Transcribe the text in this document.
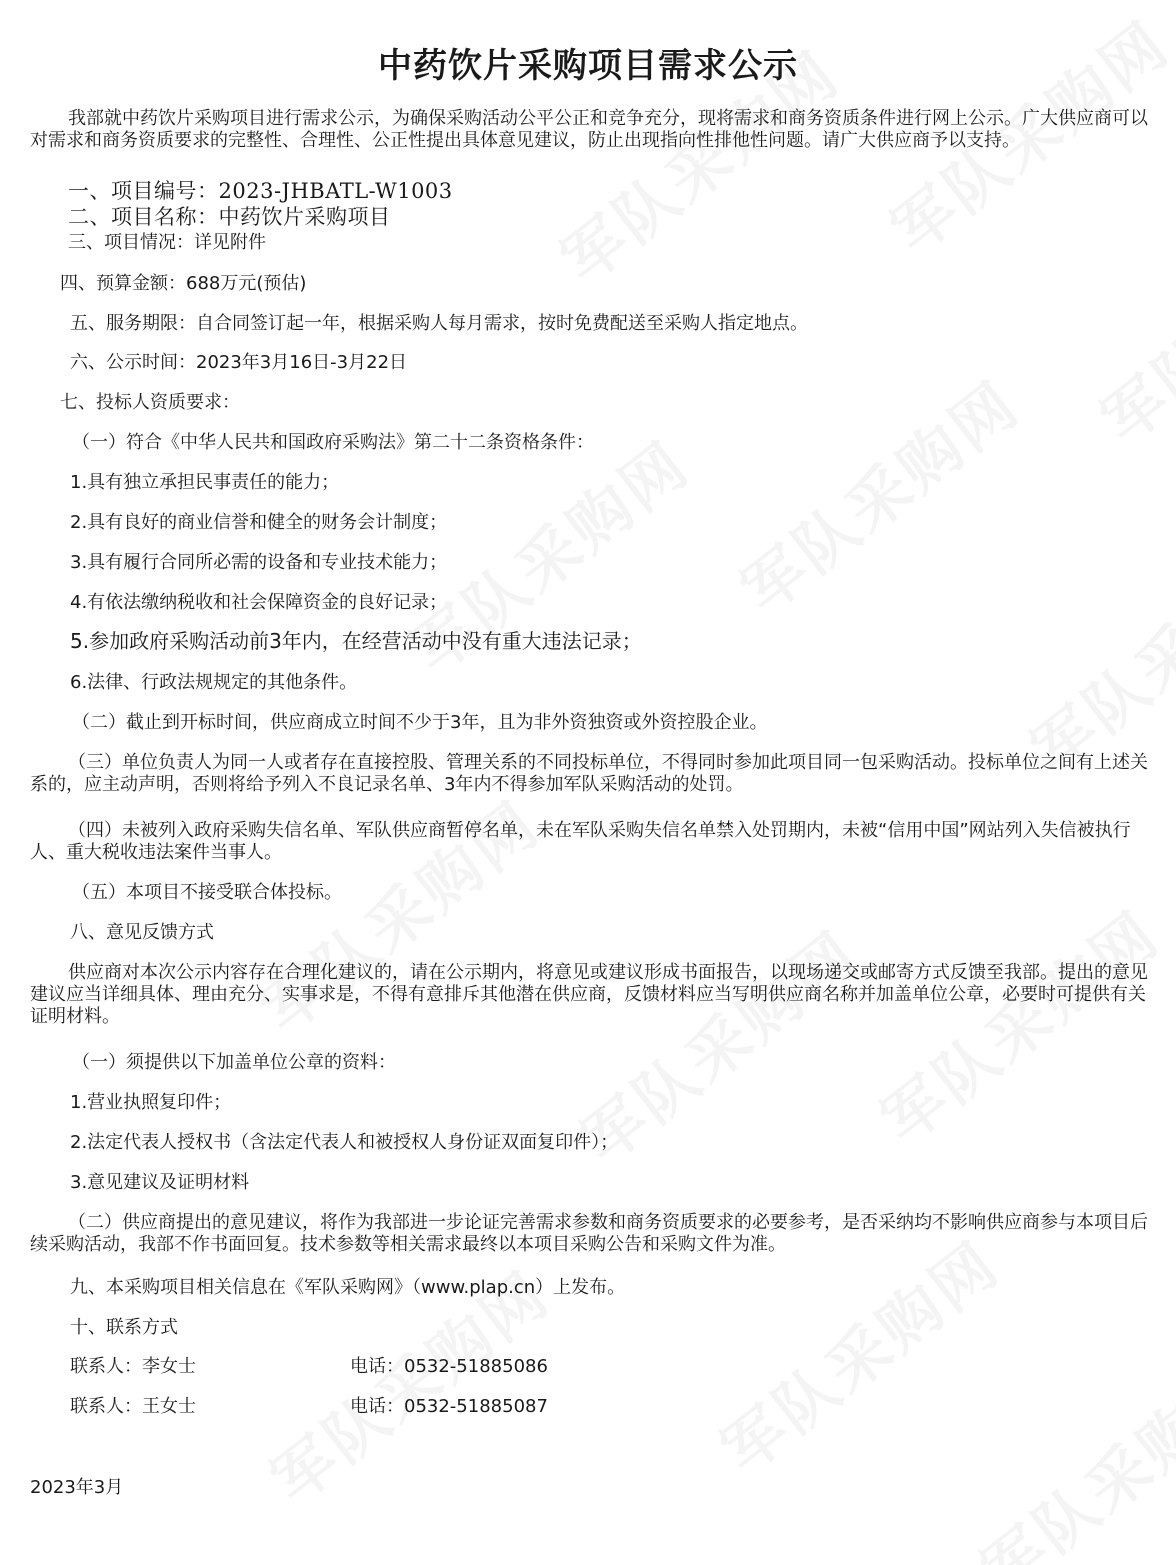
中药饮片采购项目需求公示

我部就中药饮片采购项目进行需求公示，为确保采购活动公平公正和竞争充分，现将需求和商务资质条件进行网上公示。广大供应商可以对需求和商务资质要求的完整性、合理性、公正性提出具体意见建议，防止出现指向性排他性问题。请广大供应商予以支持。

一、项目编号：2023-JHBATL-W1003
二、项目名称：中药饮片采购项目

三、项目情况：详见附件

四、预算金额：688万元(预估)

五、服务期限：自合同签订起一年，根据采购人每月需求，按时免费配送至采购人指定地点。

六、公示时间：2023年3月16日-3月22日

七、投标人资质要求：

（一）符合《中华人民共和国政府采购法》第二十二条资格条件：

1.具有独立承担民事责任的能力；

2.具有良好的商业信誉和健全的财务会计制度；

3.具有履行合同所必需的设备和专业技术能力；

4.有依法缴纳税收和社会保障资金的良好记录；

5.参加政府采购活动前3年内，在经营活动中没有重大违法记录；

6.法律、行政法规规定的其他条件。

（二）截止到开标时间，供应商成立时间不少于3年，且为非外资独资或外资控股企业。

（三）单位负责人为同一人或者存在直接控股、管理关系的不同投标单位，不得同时参加此项目同一包采购活动。投标单位之间有上述关系的，应主动声明，否则将给予列入不良记录名单、3年内不得参加军队采购活动的处罚。

（四）未被列入政府采购失信名单、军队供应商暂停名单，未在军队采购失信名单禁入处罚期内，未被“信用中国”网站列入失信被执行人、重大税收违法案件当事人。

（五）本项目不接受联合体投标。

八、意见反馈方式

供应商对本次公示内容存在合理化建议的，请在公示期内，将意见或建议形成书面报告，以现场递交或邮寄方式反馈至我部。提出的意见建议应当详细具体、理由充分、实事求是，不得有意排斥其他潜在供应商，反馈材料应当写明供应商名称并加盖单位公章，必要时可提供有关证明材料。

（一）须提供以下加盖单位公章的资料：

1.营业执照复印件；

2.法定代表人授权书（含法定代表人和被授权人身份证双面复印件）；

3.意见建议及证明材料

（二）供应商提出的意见建议，将作为我部进一步论证完善需求参数和商务资质要求的必要参考，是否采纳均不影响供应商参与本项目后续采购活动，我部不作书面回复。技术参数等相关需求最终以本项目采购公告和采购文件为准。

九、本采购项目相关信息在《军队采购网》（www.plap.cn）上发布。

十、联系方式

联系人：李女士	电话：0532-51885086

联系人：王女士	电话：0532-51885087

2023年3月
